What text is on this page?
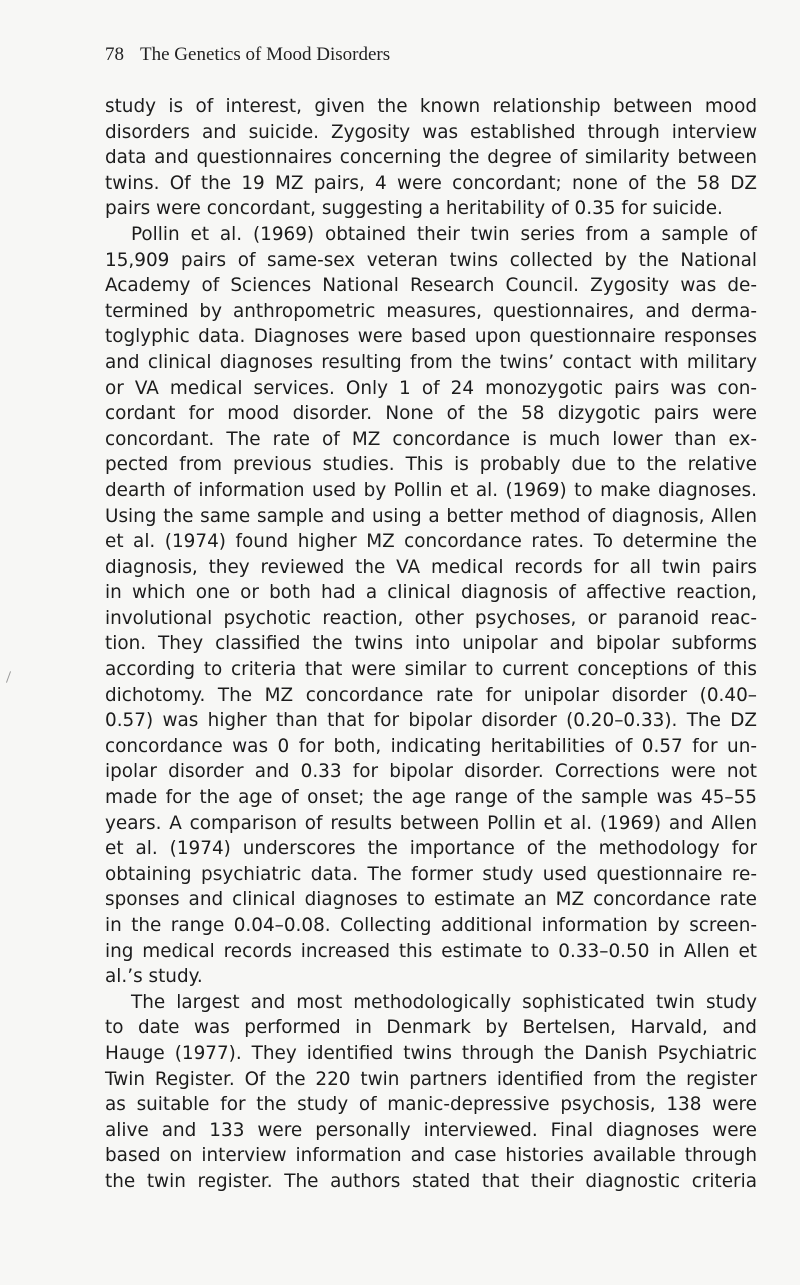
78 The Genetics of Mood Disorders

study is of interest, given the known relationship between mood

disorders and suicide. Zygosity was established through interview

data and questionnaires concerning the degree of similarity between

twins. Of the 19 MZ pairs, 4 were concordant; none of the 58 DZ

pairs were concordant, suggesting a heritability of 0.35 for suicide.

Pollin et al. (1969) obtained their twin series from a sample of

15,909 pairs of same-sex veteran twins collected by the National

Academy of Sciences National Research Council. Zygosity was de-

termined by anthropometric measures, questionnaires, and derma-

toglyphic data. Diagnoses were based upon questionnaire responses

and clinical diagnoses resulting from the twins’ contact with military

or VA medical services. Only 1 of 24 monozygotic pairs was con-

cordant for mood disorder. None of the 58 dizygotic pairs were

concordant. The rate of MZ concordance is much lower than ex-

pected from previous studies. This is probably due to the relative

dearth of information used by Pollin et al. (1969) to make diagnoses.

Using the same sample and using a better method of diagnosis, Allen

et al. (1974) found higher MZ concordance rates. To determine the

diagnosis, they reviewed the VA medical records for all twin pairs

in which one or both had a clinical diagnosis of affective reaction,

involutional psychotic reaction, other psychoses, or paranoid reac-

tion. They classified the twins into unipolar and bipolar subforms

according to criteria that were similar to current conceptions of this

dichotomy. The MZ concordance rate for unipolar disorder (0.40–

0.57) was higher than that for bipolar disorder (0.20–0.33). The DZ

concordance was 0 for both, indicating heritabilities of 0.57 for un-

ipolar disorder and 0.33 for bipolar disorder. Corrections were not

made for the age of onset; the age range of the sample was 45–55

years. A comparison of results between Pollin et al. (1969) and Allen

et al. (1974) underscores the importance of the methodology for

obtaining psychiatric data. The former study used questionnaire re-

sponses and clinical diagnoses to estimate an MZ concordance rate

in the range 0.04–0.08. Collecting additional information by screen-

ing medical records increased this estimate to 0.33–0.50 in Allen et

al.’s study.

The largest and most methodologically sophisticated twin study

to date was performed in Denmark by Bertelsen, Harvald, and

Hauge (1977). They identified twins through the Danish Psychiatric

Twin Register. Of the 220 twin partners identified from the register

as suitable for the study of manic-depressive psychosis, 138 were

alive and 133 were personally interviewed. Final diagnoses were

based on interview information and case histories available through

the twin register. The authors stated that their diagnostic criteria
